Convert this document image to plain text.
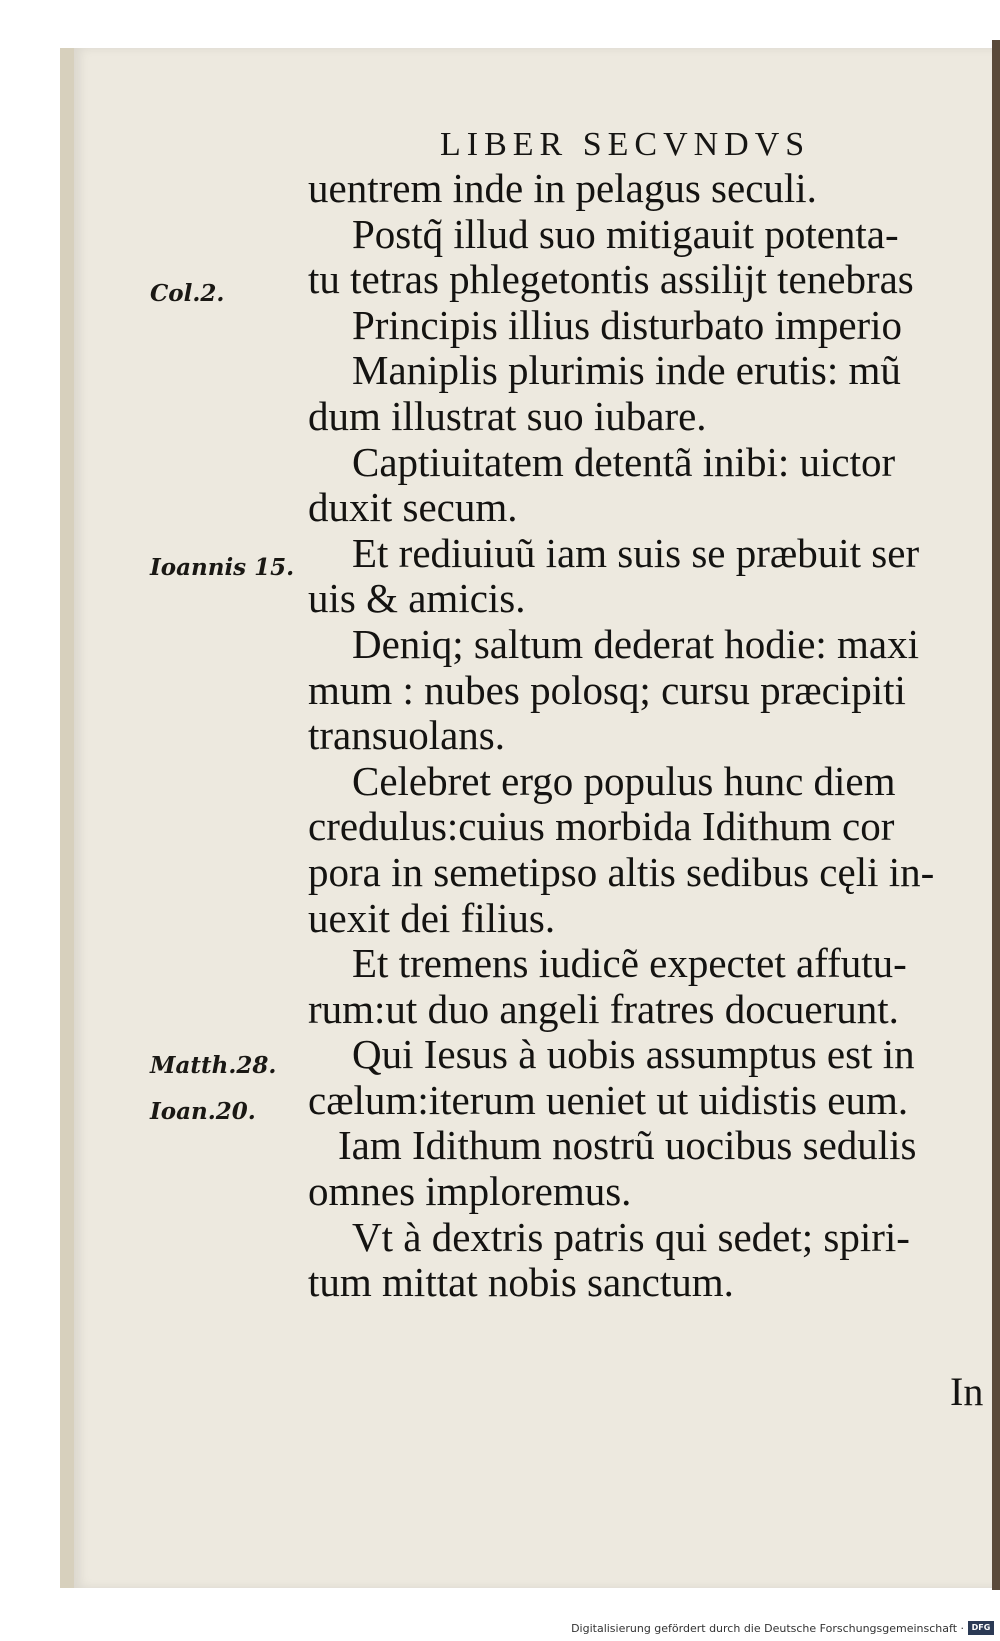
LIBER SECVNDVS
uentrem inde in pelagus seculi.
Postq̃ illud suo mitigauit potenta-
tu tetras phlegetontis assilijt tenebras
Principis illius disturbato imperio
Maniplis plurimis inde erutis: mũ
dum illustrat suo iubare.
Captiuitatem detentã inibi: uictor
duxit secum.
Et rediuiuũ iam suis se præbuit ser
uis & amicis.
Deniq; saltum dederat hodie: maxi
mum : nubes polosq; cursu præcipiti
transuolans.
Celebret ergo populus hunc diem
credulus:cuius morbida Idithum cor
pora in semetipso altis sedibus cęli in-
uexit dei filius.
Et tremens iudicẽ expectet affutu-
rum:ut duo angeli fratres docuerunt.
Qui Iesus à uobis assumptus est in
cælum:iterum ueniet ut uidistis eum.
Iam Idithum nostrũ uocibus sedulis
omnes imploremus.
Vt à dextris patris qui sedet; spiri-
tum mittat nobis sanctum.
In
Col.2.
Ioannis 15.
Matth.28.
Ioan.20.
Digitalisierung gefördert durch die Deutsche Forschungsgemeinschaft · DFG
